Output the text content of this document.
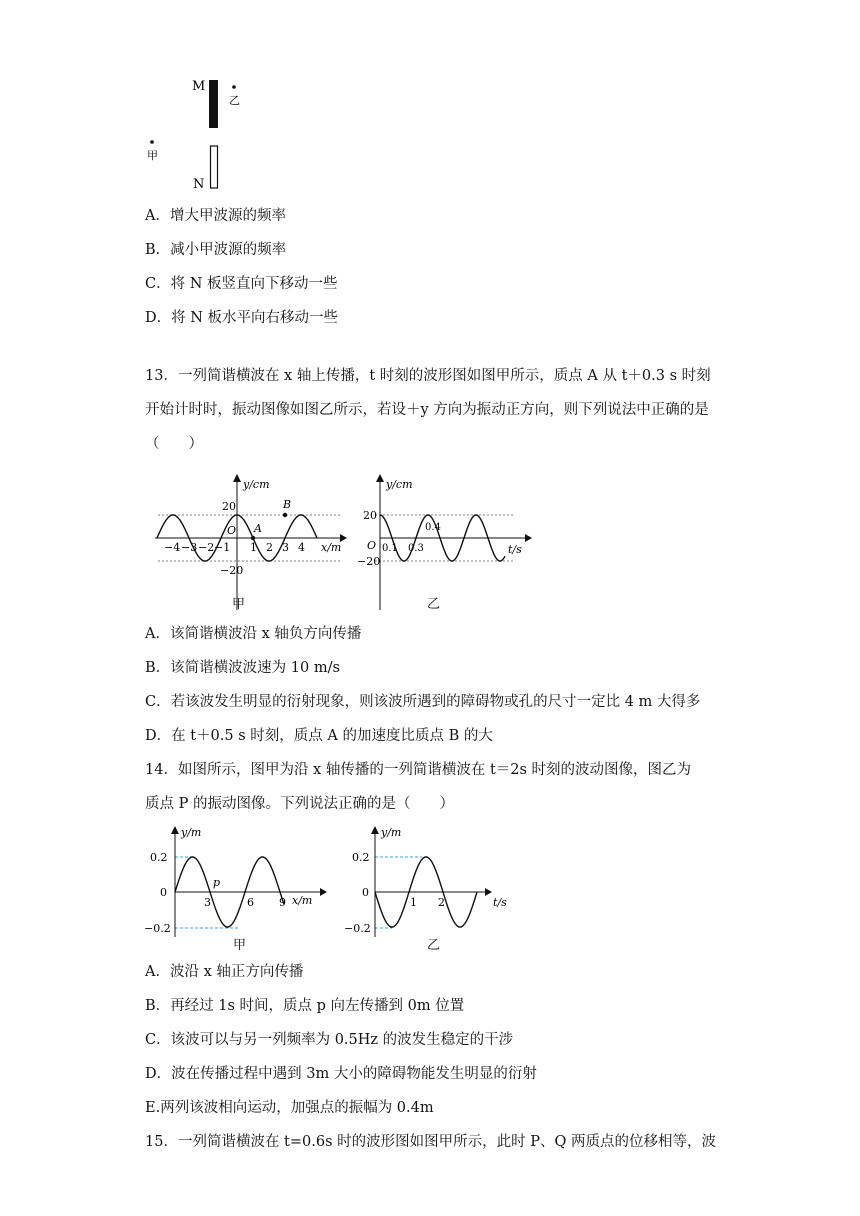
M
乙
甲
N
A．增大甲波源的频率
B．减小甲波源的频率
C．将 N 板竖直向下移动一些
D．将 N 板水平向右移动一些
13．一列简谐横波在 x 轴上传播，t 时刻的波形图如图甲所示，质点 A 从 t＋0.3 s 时刻
开始计时时，振动图像如图乙所示，若设＋y 方向为振动正方向，则下列说法中正确的是
（　　）
y/cm
x/m
20
−20
O A
B
−4 −3 −2 −1 1 2 3 4
甲
y/cm
t/s
20
−20
O 0.1 0.3
0.4
乙
A．该简谐横波沿 x 轴负方向传播
B．该简谐横波波速为 10 m/s
C．若该波发生明显的衍射现象，则该波所遇到的障碍物或孔的尺寸一定比 4 m 大得多
D．在 t＋0.5 s 时刻，质点 A 的加速度比质点 B 的大
14．如图所示，图甲为沿 x 轴传播的一列简谐横波在 t＝2s 时刻的波动图像，图乙为
质点 P 的振动图像。下列说法正确的是（　　）
y/m
x/m
0.2
−0.2
0
p
3	6 9
甲
y/m
t/s
0.2
−0.2
0
1 2
乙
A．波沿 x 轴正方向传播
B．再经过 1s 时间，质点 p 向左传播到 0m 位置
C．该波可以与另一列频率为 0.5Hz 的波发生稳定的干涉
D．波在传播过程中遇到 3m 大小的障碍物能发生明显的衍射
E.两列该波相向运动，加强点的振幅为 0.4m
15．一列简谐横波在 t=0.6s 时的波形图如图甲所示，此时 P、Q 两质点的位移相等，波
